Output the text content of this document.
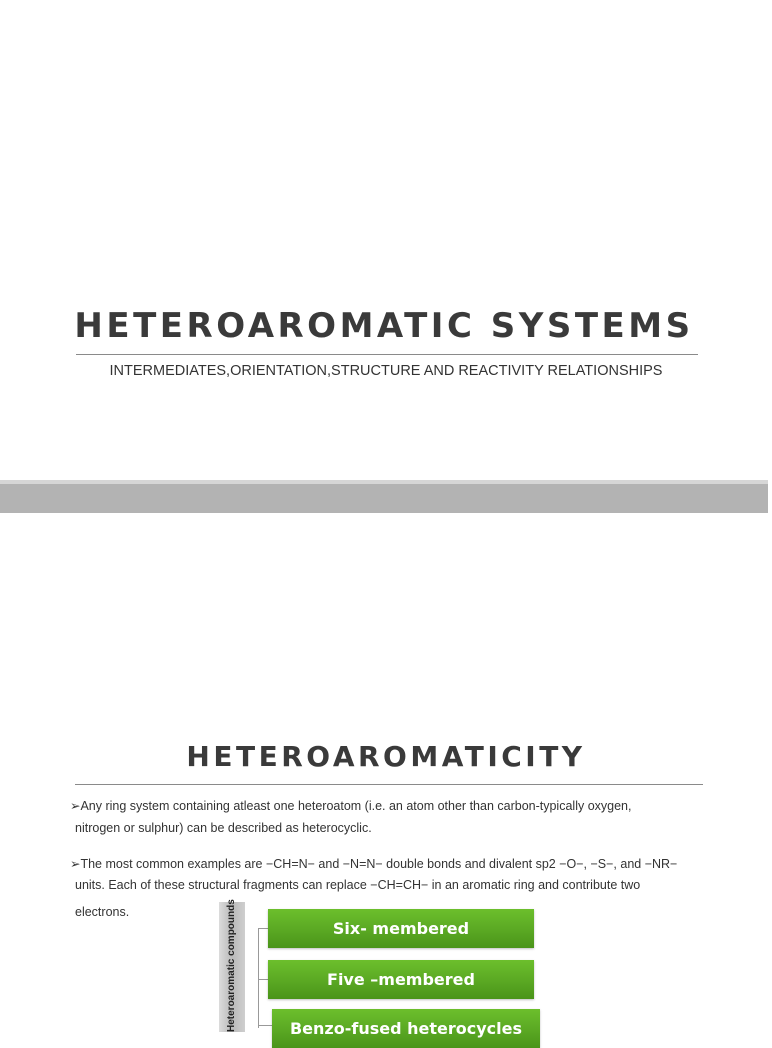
HETEROAROMATIC SYSTEMS
INTERMEDIATES,ORIENTATION,STRUCTURE AND REACTIVITY RELATIONSHIPS
HETEROAROMATICITY
➢Any ring system containing atleast one heteroatom (i.e. an atom other than carbon-typically oxygen,
nitrogen or sulphur) can be described as heterocyclic.
➢The most common examples are −CH=N− and −N=N− double bonds and divalent sp2 −O−, −S−, and −NR−
units. Each of these structural fragments can replace −CH=CH− in an aromatic ring and contribute two
electrons.	Heteroaromatic compounds	Six- membered
Five –membered
Benzo-fused heterocycles
